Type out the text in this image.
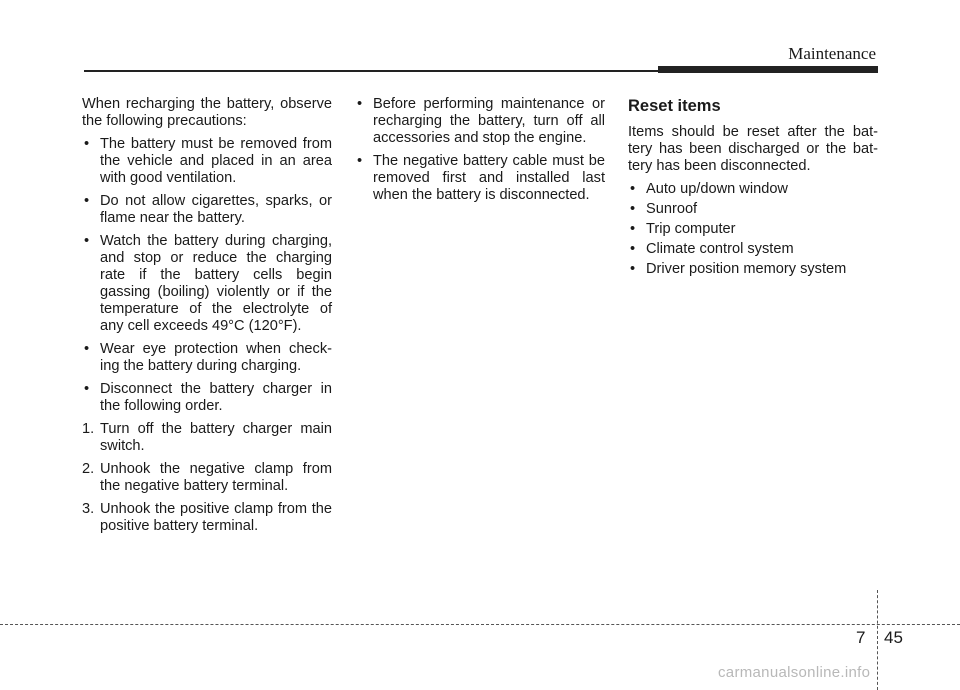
Maintenance

When recharging the battery, observe the following precautions:

• The battery must be removed from the vehicle and placed in an area with good ventilation.
• Do not allow cigarettes, sparks, or flame near the battery.
• Watch the battery during charging, and stop or reduce the charging rate if the battery cells begin gassing (boiling) violently or if the temperature of the electrolyte of any cell exceeds 49°C (120°F).
• Wear eye protection when check-ing the battery during charging.
• Disconnect the battery charger in the following order.
1. Turn off the battery charger main switch.
2. Unhook the negative clamp from the negative battery terminal.
3. Unhook the positive clamp from the positive battery terminal.
• Before performing maintenance or recharging the battery, turn off all accessories and stop the engine.
• The negative battery cable must be removed first and installed last when the battery is disconnected.
Reset items

Items should be reset after the bat-tery has been discharged or the bat-tery has been disconnected.

• Auto up/down window
• Sunroof
• Trip computer
• Climate control system
• Driver position memory system
7 45
carmanualsonline.info
